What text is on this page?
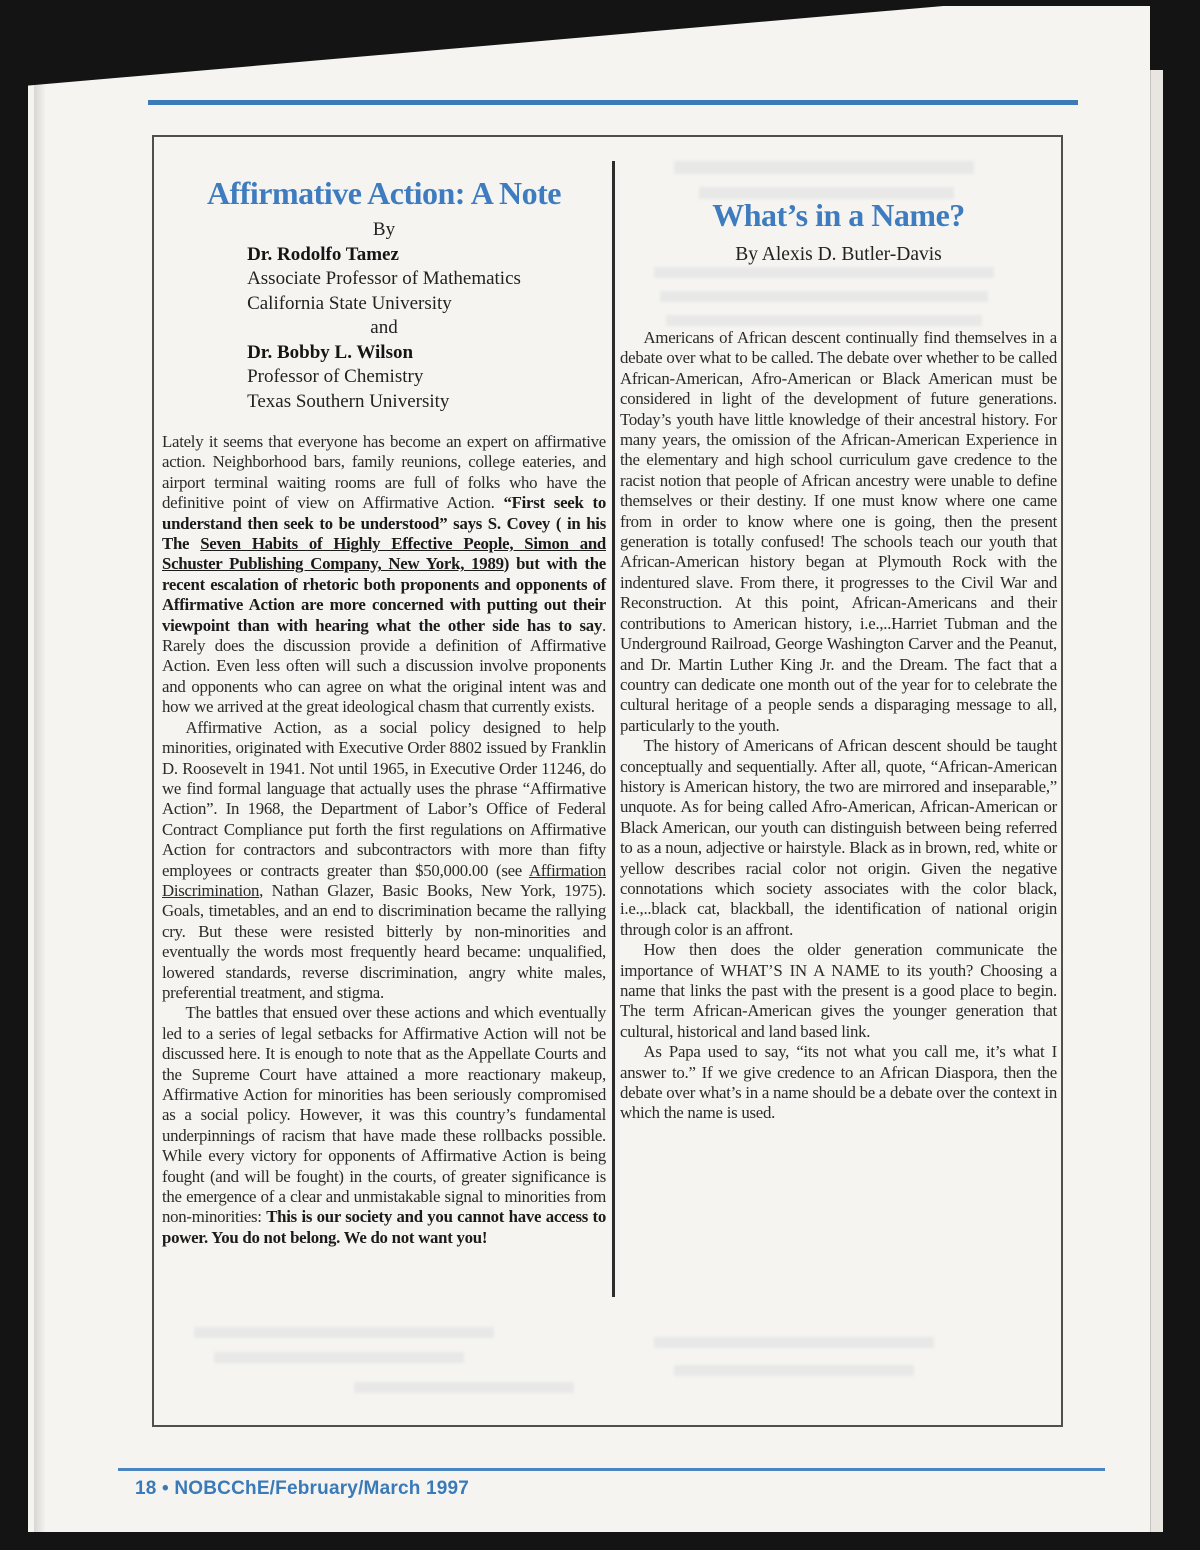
Affirmative Action: A Note
By
Dr. Rodolfo Tamez
Associate Professor of Mathematics
California State University
and
Dr. Bobby L. Wilson
Professor of Chemistry
Texas Southern University

Lately it seems that everyone has become an expert on affirmative action. Neighborhood bars, family reunions, college eateries, and airport terminal waiting rooms are full of folks who have the definitive point of view on Affirmative Action. “First seek to understand then seek to be understood” says S. Covey ( in his The Seven Habits of Highly Effective People, Simon and Schuster Publishing Company, New York, 1989) but with the recent escalation of rhetoric both proponents and opponents of Affirmative Action are more concerned with putting out their viewpoint than with hearing what the other side has to say. Rarely does the discussion provide a definition of Affirmative Action. Even less often will such a discussion involve proponents and opponents who can agree on what the original intent was and how we arrived at the great ideological chasm that currently exists.

Affirmative Action, as a social policy designed to help minorities, originated with Executive Order 8802 issued by Franklin D. Roosevelt in 1941. Not until 1965, in Executive Order 11246, do we find formal language that actually uses the phrase “Affirmative Action”. In 1968, the Department of Labor’s Office of Federal Contract Compliance put forth the first regulations on Affirmative Action for contractors and subcontractors with more than fifty employees or contracts greater than $50,000.00 (see Affirmation Discrimination, Nathan Glazer, Basic Books, New York, 1975). Goals, timetables, and an end to discrimination became the rallying cry. But these were resisted bitterly by non-minorities and eventually the words most frequently heard became: unqualified, lowered standards, reverse discrimination, angry white males, preferential treatment, and stigma.

The battles that ensued over these actions and which eventually led to a series of legal setbacks for Affirmative Action will not be discussed here. It is enough to note that as the Appellate Courts and the Supreme Court have attained a more reactionary makeup, Affirmative Action for minorities has been seriously compromised as a social policy. However, it was this country’s fundamental underpinnings of racism that have made these rollbacks possible. While every victory for opponents of Affirmative Action is being fought (and will be fought) in the courts, of greater significance is the emergence of a clear and unmistakable signal to minorities from non-minorities: This is our society and you cannot have access to power. You do not belong. We do not want you!

What’s in a Name?
By Alexis D. Butler-Davis

Americans of African descent continually find themselves in a debate over what to be called. The debate over whether to be called African-American, Afro-American or Black American must be considered in light of the development of future generations. Today’s youth have little knowledge of their ancestral history. For many years, the omission of the African-American Experience in the elementary and high school curriculum gave credence to the racist notion that people of African ancestry were unable to define themselves or their destiny. If one must know where one came from in order to know where one is going, then the present generation is totally confused! The schools teach our youth that African-American history began at Plymouth Rock with the indentured slave. From there, it progresses to the Civil War and Reconstruction. At this point, African-Americans and their contributions to American history, i.e.,..Harriet Tubman and the Underground Railroad, George Washington Carver and the Peanut, and Dr. Martin Luther King Jr. and the Dream. The fact that a country can dedicate one month out of the year for to celebrate the cultural heritage of a people sends a disparaging message to all, particularly to the youth.

The history of Americans of African descent should be taught conceptually and sequentially. After all, quote, “African-American history is American history, the two are mirrored and inseparable,” unquote. As for being called Afro-American, African-American or Black American, our youth can distinguish between being referred to as a noun, adjective or hairstyle. Black as in brown, red, white or yellow describes racial color not origin. Given the negative connotations which society associates with the color black, i.e.,..black cat, blackball, the identification of national origin through color is an affront.

How then does the older generation communicate the importance of WHAT’S IN A NAME to its youth? Choosing a name that links the past with the present is a good place to begin. The term African-American gives the younger generation that cultural, historical and land based link.

As Papa used to say, “its not what you call me, it’s what I answer to.” If we give credence to an African Diaspora, then the debate over what’s in a name should be a debate over the context in which the name is used.

18 • NOBCChE/February/March 1997
